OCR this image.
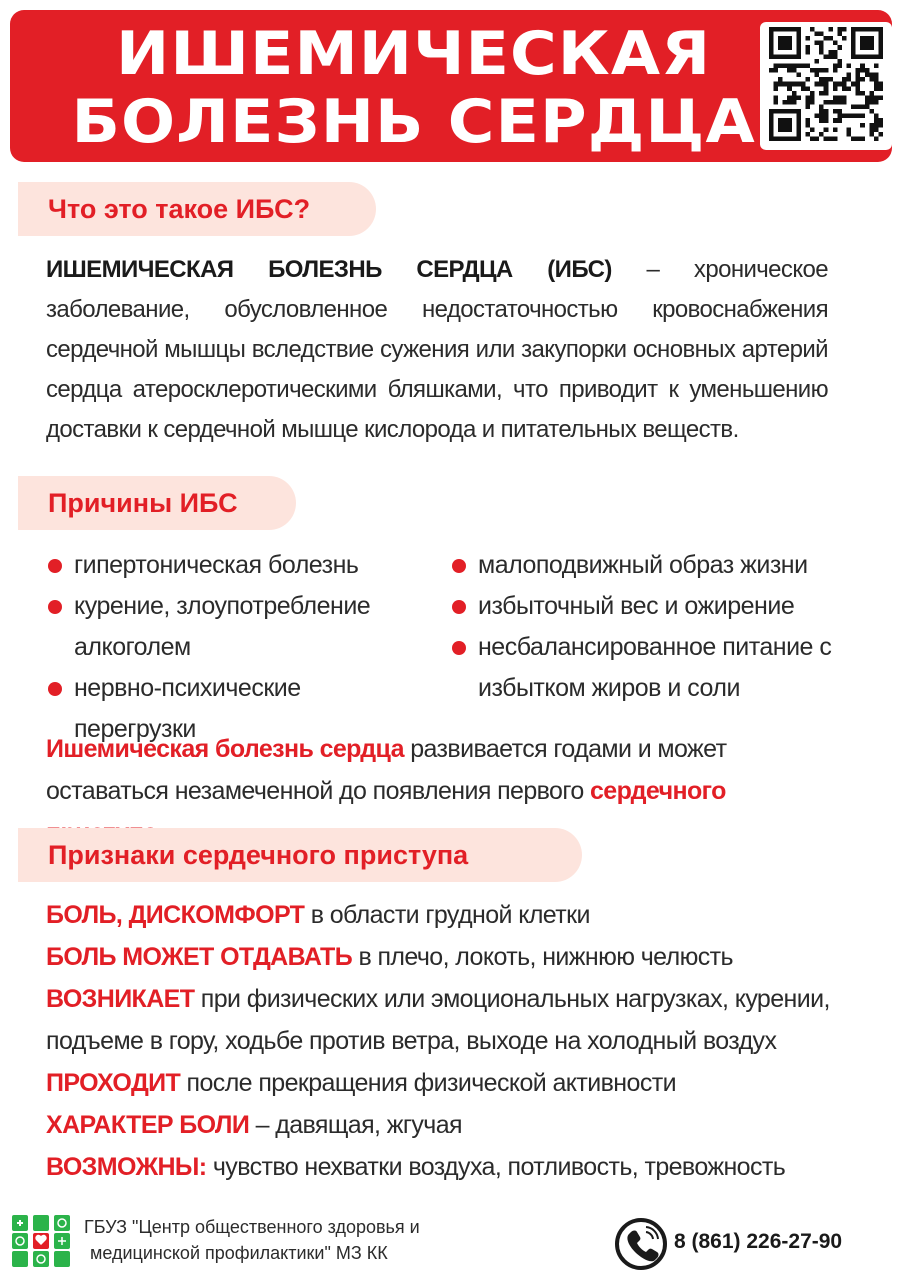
ИШЕМИЧЕСКАЯ
БОЛЕЗНЬ СЕРДЦА	WWW.MED-PROF.RU
Что это такое ИБС?
ИШЕМИЧЕСКАЯ БОЛЕЗНЬ СЕРДЦА (ИБС) – хроническое заболевание, обусловленное недостаточностью кровоснабжения сердечной мышцы вследствие сужения или закупорки основных артерий сердца атеросклеротическими бляшками, что приводит к уменьшению доставки к сердечной мышце кислорода и питательных веществ.
Причины ИБС
гипертоническая болезнь
курение, злоупотребление алкоголем
нервно-психические перегрузки
малоподвижный образ жизни
избыточный вес и ожирение
несбалансированное питание с избытком жиров и соли
Ишемическая болезнь сердца развивается годами и может оставаться незамеченной до появления первого сердечного
Признаки сердечного приступа
БОЛЬ, ДИСКОМФОРТ в области грудной клетки
БОЛЬ МОЖЕТ ОТДАВАТЬ в плечо, локоть, нижнюю челюсть
ВОЗНИКАЕТ при физических или эмоциональных нагрузках, курении, подъеме в гору, ходьбе против ветра, выходе на холодный воздух
ПРОХОДИТ после прекращения физической активности
ХАРАКТЕР БОЛИ – давящая, жгучая
ВОЗМОЖНЫ: чувство нехватки воздуха, потливость, тревожность
ГБУЗ "Центр общественного здоровья и
медицинской профилактики" МЗ КК	8 (861) 226-27-90
